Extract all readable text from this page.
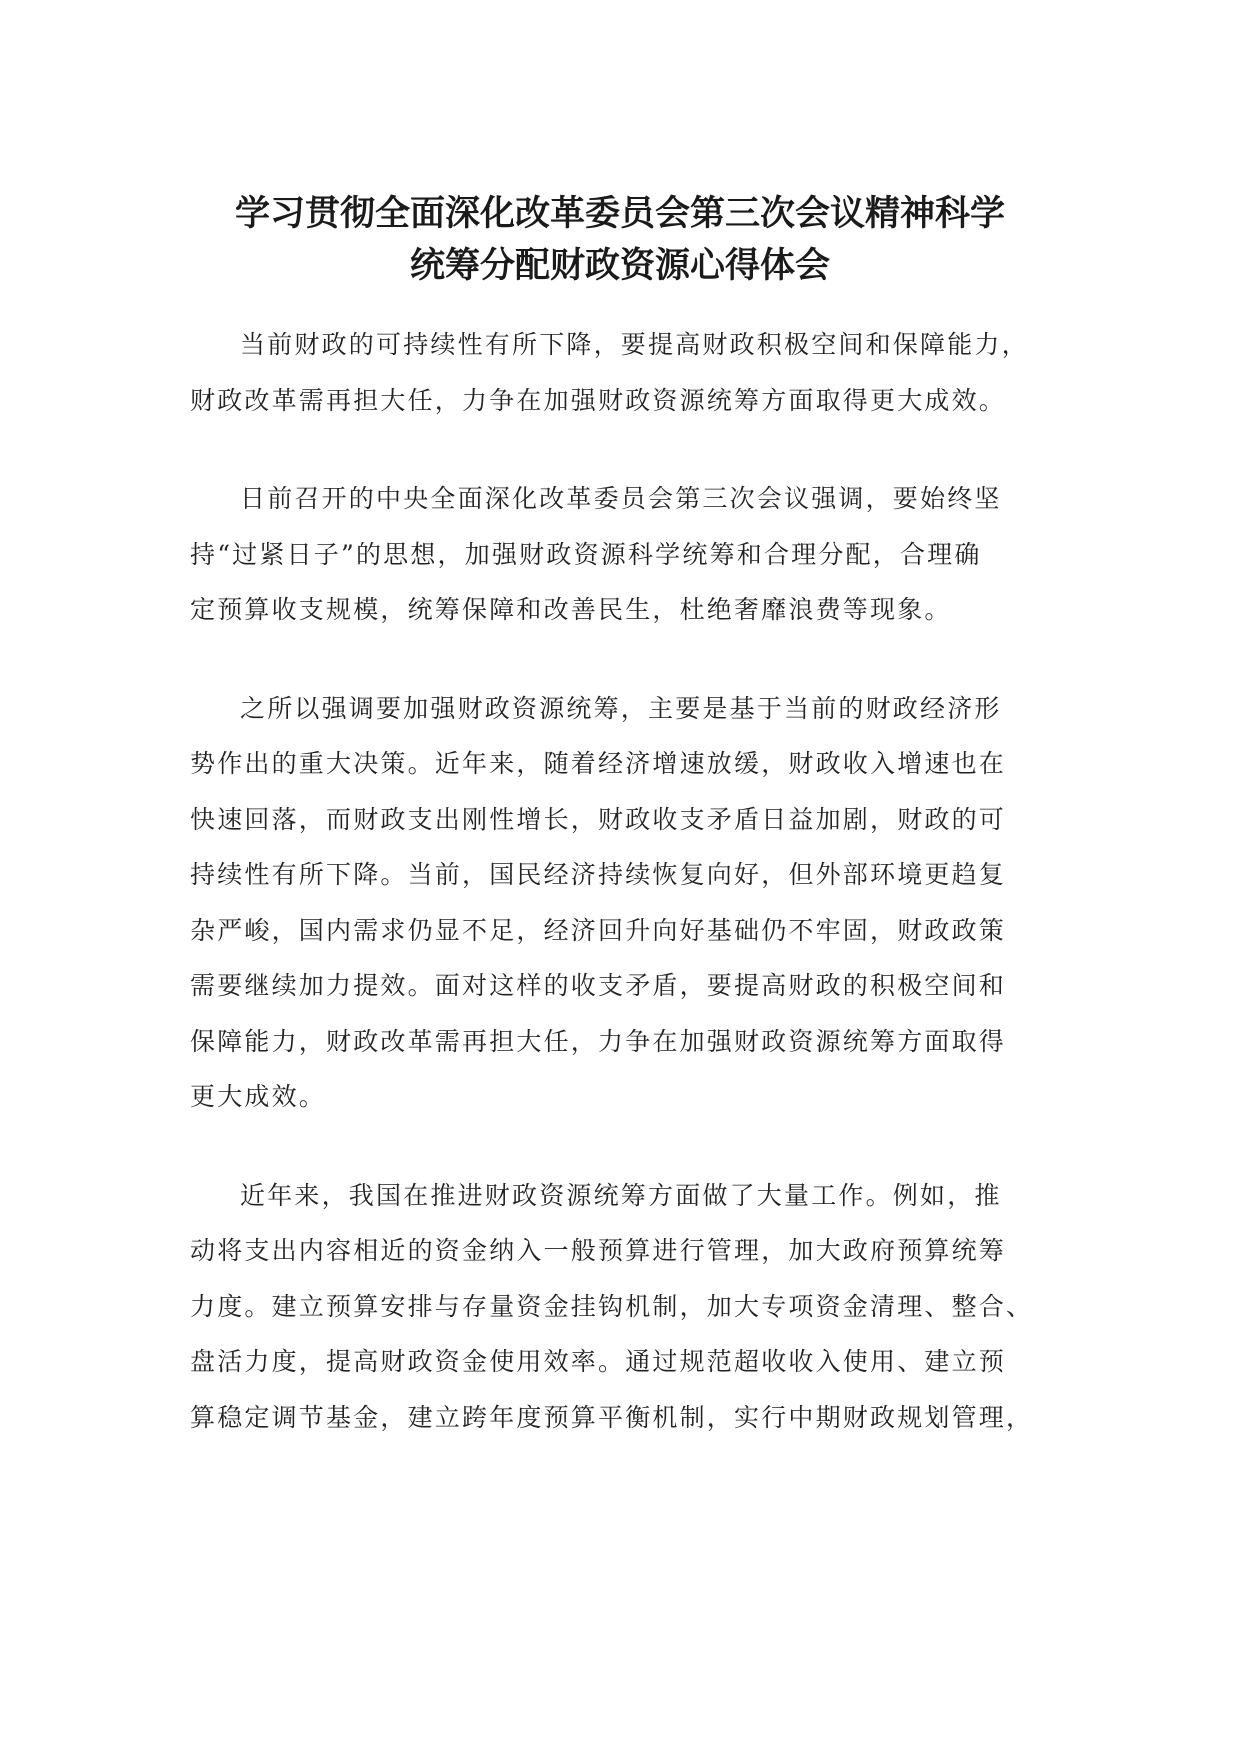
学习贯彻全面深化改革委员会第三次会议精神科学
统筹分配财政资源心得体会

当前财政的可持续性有所下降，要提高财政积极空间和保障能力，
财政改革需再担大任，力争在加强财政资源统筹方面取得更大成效。

日前召开的中央全面深化改革委员会第三次会议强调，要始终坚
持“过紧日子”的思想，加强财政资源科学统筹和合理分配，合理确
定预算收支规模，统筹保障和改善民生，杜绝奢靡浪费等现象。

之所以强调要加强财政资源统筹，主要是基于当前的财政经济形
势作出的重大决策。近年来，随着经济增速放缓，财政收入增速也在
快速回落，而财政支出刚性增长，财政收支矛盾日益加剧，财政的可
持续性有所下降。当前，国民经济持续恢复向好，但外部环境更趋复
杂严峻，国内需求仍显不足，经济回升向好基础仍不牢固，财政政策
需要继续加力提效。面对这样的收支矛盾，要提高财政的积极空间和
保障能力，财政改革需再担大任，力争在加强财政资源统筹方面取得
更大成效。

近年来，我国在推进财政资源统筹方面做了大量工作。例如，推
动将支出内容相近的资金纳入一般预算进行管理，加大政府预算统筹
力度。建立预算安排与存量资金挂钩机制，加大专项资金清理、整合、
盘活力度，提高财政资金使用效率。通过规范超收收入使用、建立预
算稳定调节基金，建立跨年度预算平衡机制，实行中期财政规划管理，
